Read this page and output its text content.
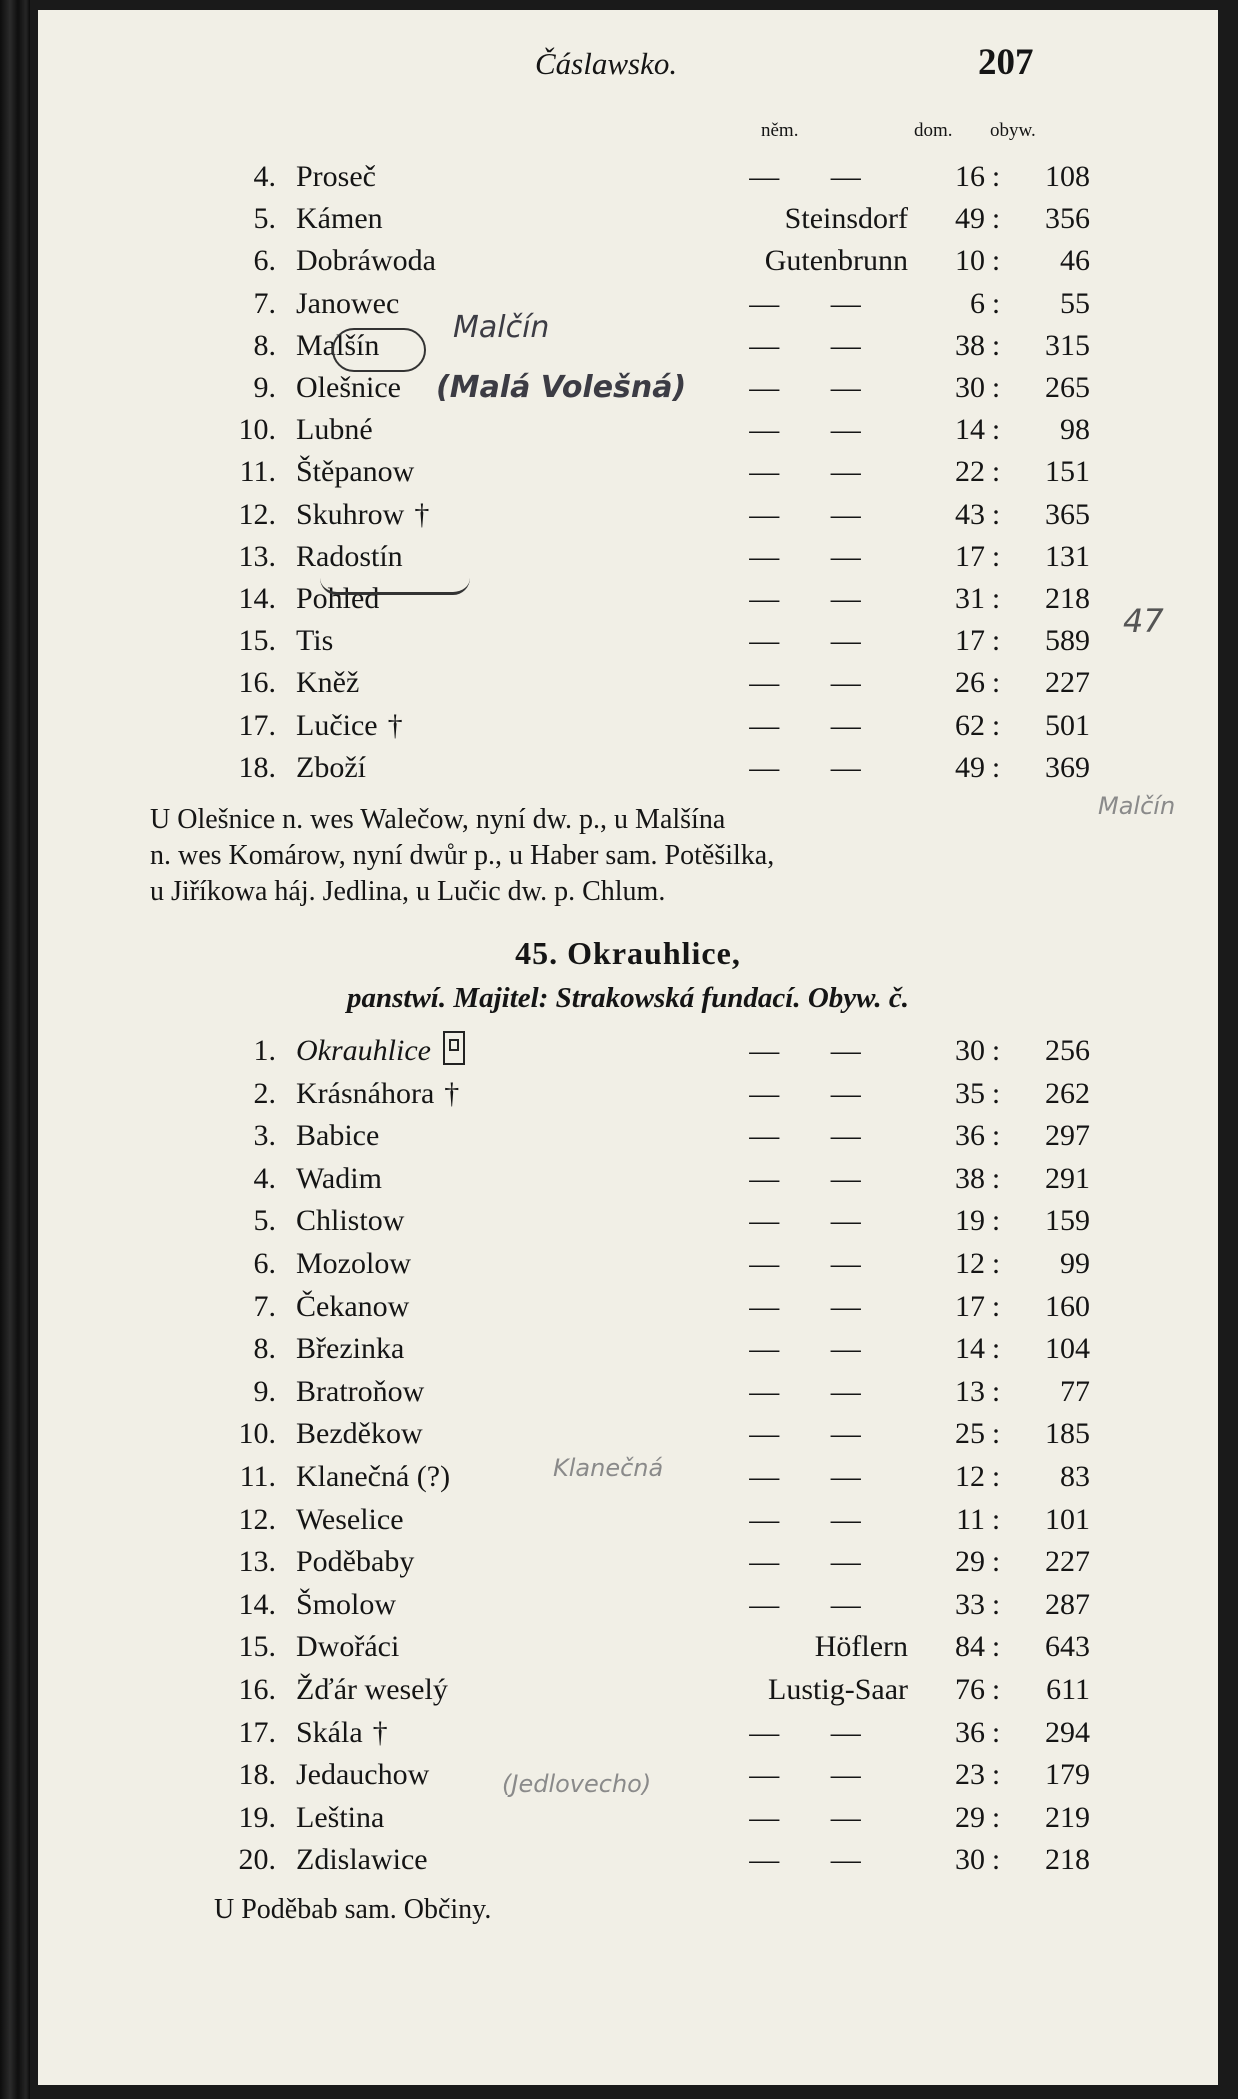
Čáslawsko.	207
něm.	dom. obyw.
4. Proseč	— —	16 :	108
5. Kámen	Steinsdorf	49 :	356
6. Dobráwoda	Gutenbrunn	10 :	46
7. Janowec	— —	6 :	55
8. Malšín	— —	38 :	315
9. Olešnice	— —	30 :	265
10. Lubné	— —	14 :	98
11. Štěpanow	— —	22 :	151
12. Skuhrow †	— —	43 :	365
13. Radostín	— —	17 :	131
14. Pohled	— —	31 :	218
15. Tis	— —	17 :	589
16. Kněž	— —	26 :	227
17. Lučice †	— —	62 :	501
18. Zboží	— —	49 :	369
U Olešnice n. wes Walečow, nyní dw. p., u Malšína
n. wes Komárow, nyní dwůr p., u Haber sam. Potěšilka,
u Jiříkowa háj. Jedlina, u Lučic dw. p. Chlum.
45. Okrauhlice,
panstwí. Majitel: Strakowská fundací. Obyw. č.
1. Okrauhlice	— —	30 :	256
2. Krásnáhora †	— —	35 :	262
3. Babice	— —	36 :	297
4. Wadim	— —	38 :	291
5. Chlistow	— —	19 :	159
6. Mozolow	— —	12 :	99
7. Čekanow	— —	17 :	160
8. Březinka	— —	14 :	104
9. Bratroňow	— —	13 :	77
10. Bezděkow	— —	25 :	185
11. Klanečná (?)	— —	12 :	83
12. Weselice	— —	11 :	101
13. Poděbaby	— —	29 :	227
14. Šmolow	— —	33 :	287
15. Dwořáci	Höflern	84 :	643
16. Žďár weselý	Lustig-Saar	76 :	611
17. Skála †	— —	36 :	294
18. Jedauchow	— —	23 :	179
19. Leština	— —	29 :	219
20. Zdislawice	— —	30 :	218
U Poděbab sam. Občiny.
Malčín
(Malá Volešná)
47
Malčín
Klanečná
(Jedlovecho)
